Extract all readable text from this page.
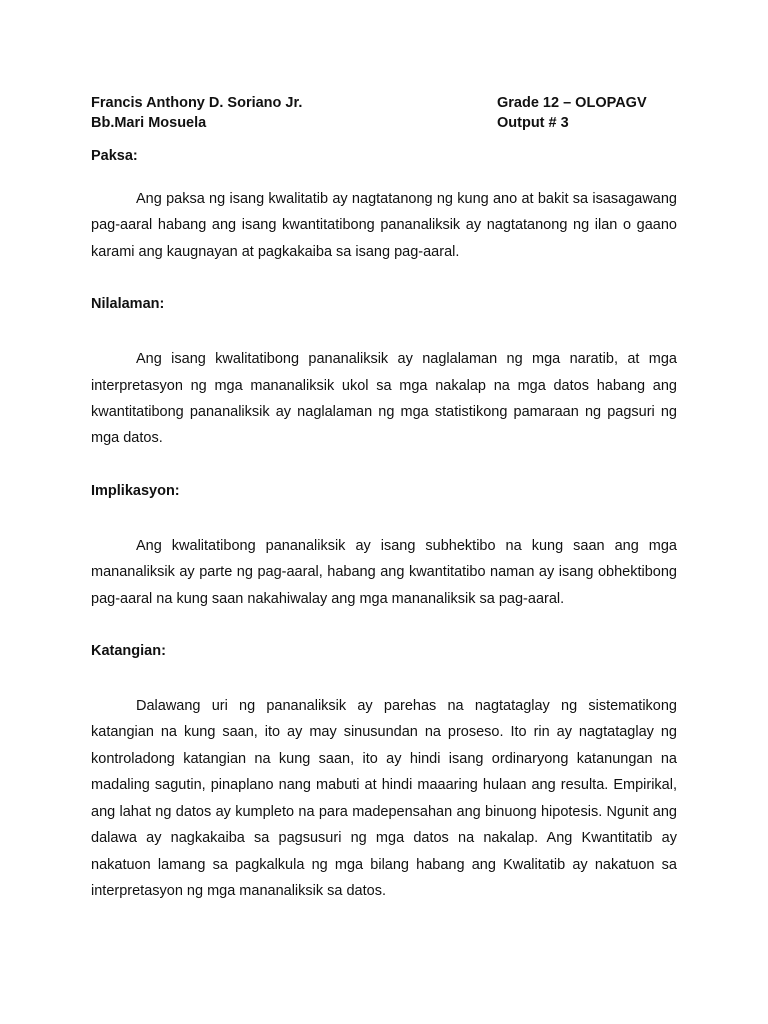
Francis Anthony D. Soriano Jr.
Bb.Mari Mosuela
Grade 12 – OLOPAGV
Output # 3
Paksa:

Ang paksa ng isang kwalitatib ay nagtatanong ng kung ano at bakit sa isasagawang pag-aaral habang ang isang kwantitatibong pananaliksik ay nagtatanong ng ilan o gaano karami ang kaugnayan at pagkakaiba sa isang pag-aaral.

Nilalaman:

Ang isang kwalitatibong pananaliksik ay naglalaman ng mga naratib, at mga interpretasyon ng mga mananaliksik ukol sa mga nakalap na mga datos habang ang kwantitatibong pananaliksik ay naglalaman ng mga statistikong pamaraan ng pagsuri ng mga datos.

Implikasyon:

Ang kwalitatibong pananaliksik ay isang subhektibo na kung saan ang mga mananaliksik ay parte ng pag-aaral, habang ang kwantitatibo naman ay isang obhektibong pag-aaral na kung saan nakahiwalay ang mga mananaliksik sa pag-aaral.

Katangian:

Dalawang uri ng pananaliksik ay parehas na nagtataglay ng sistematikong katangian na kung saan, ito ay may sinusundan na proseso. Ito rin ay nagtataglay ng kontroladong katangian na kung saan, ito ay hindi isang ordinaryong katanungan na madaling sagutin, pinaplano nang mabuti at hindi maaaring hulaan ang resulta. Empirikal, ang lahat ng datos ay kumpleto na para madepensahan ang binuong hipotesis. Ngunit ang dalawa ay nagkakaiba sa pagsusuri ng mga datos na nakalap. Ang Kwantitatib ay nakatuon lamang sa pagkalkula ng mga bilang habang ang Kwalitatib ay nakatuon sa interpretasyon ng mga mananaliksik sa datos.
